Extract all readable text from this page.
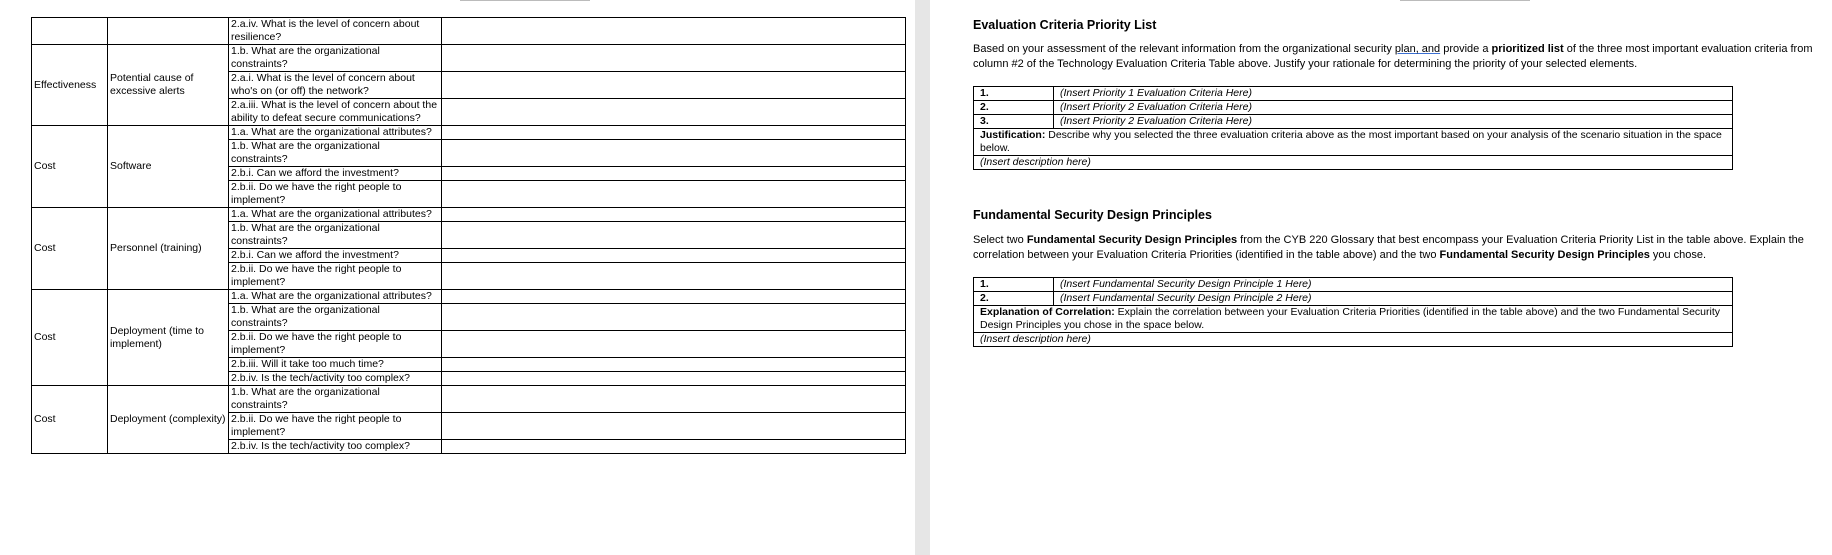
		2.a.iv. What is the level of concern about resilience?	
Effectiveness	Potential cause of excessive alerts	1.b. What are the organizational constraints?	
		2.a.i. What is the level of concern about who's on (or off) the network?	
		2.a.iii. What is the level of concern about the ability to defeat secure communications?	
Cost	Software	1.a. What are the organizational attributes?	
		1.b. What are the organizational constraints?	
		2.b.i. Can we afford the investment?	
		2.b.ii. Do we have the right people to implement?	
Cost	Personnel (training)	1.a. What are the organizational attributes?	
		1.b. What are the organizational constraints?	
		2.b.i. Can we afford the investment?	
		2.b.ii. Do we have the right people to implement?	
Cost	Deployment (time to implement)	1.a. What are the organizational attributes?	
		1.b. What are the organizational constraints?	
		2.b.ii. Do we have the right people to implement?	
		2.b.iii. Will it take too much time?	
		2.b.iv. Is the tech/activity too complex?	
Cost	Deployment (complexity)	1.b. What are the organizational constraints?	
		2.b.ii. Do we have the right people to implement?	
		2.b.iv. Is the tech/activity too complex?	
Evaluation Criteria Priority List

Based on your assessment of the relevant information from the organizational security plan, and provide a prioritized list of the three most important evaluation criteria from column #2 of the Technology Evaluation Criteria Table above. Justify your rationale for determining the priority of your selected elements.

1.	(Insert Priority 1 Evaluation Criteria Here)
2.	(Insert Priority 2 Evaluation Criteria Here)
3.	(Insert Priority 2 Evaluation Criteria Here)
Justification: Describe why you selected the three evaluation criteria above as the most important based on your analysis of the scenario situation in the space below.	
(Insert description here)	
Fundamental Security Design Principles

Select two Fundamental Security Design Principles from the CYB 220 Glossary that best encompass your Evaluation Criteria Priority List in the table above. Explain the correlation between your Evaluation Criteria Priorities (identified in the table above) and the two Fundamental Security Design Principles you chose.

1.	(Insert Fundamental Security Design Principle 1 Here)
2.	(Insert Fundamental Security Design Principle 2 Here)
Explanation of Correlation: Explain the correlation between your Evaluation Criteria Priorities (identified in the table above) and the two Fundamental Security Design Principles you chose in the space below.	
(Insert description here)	
